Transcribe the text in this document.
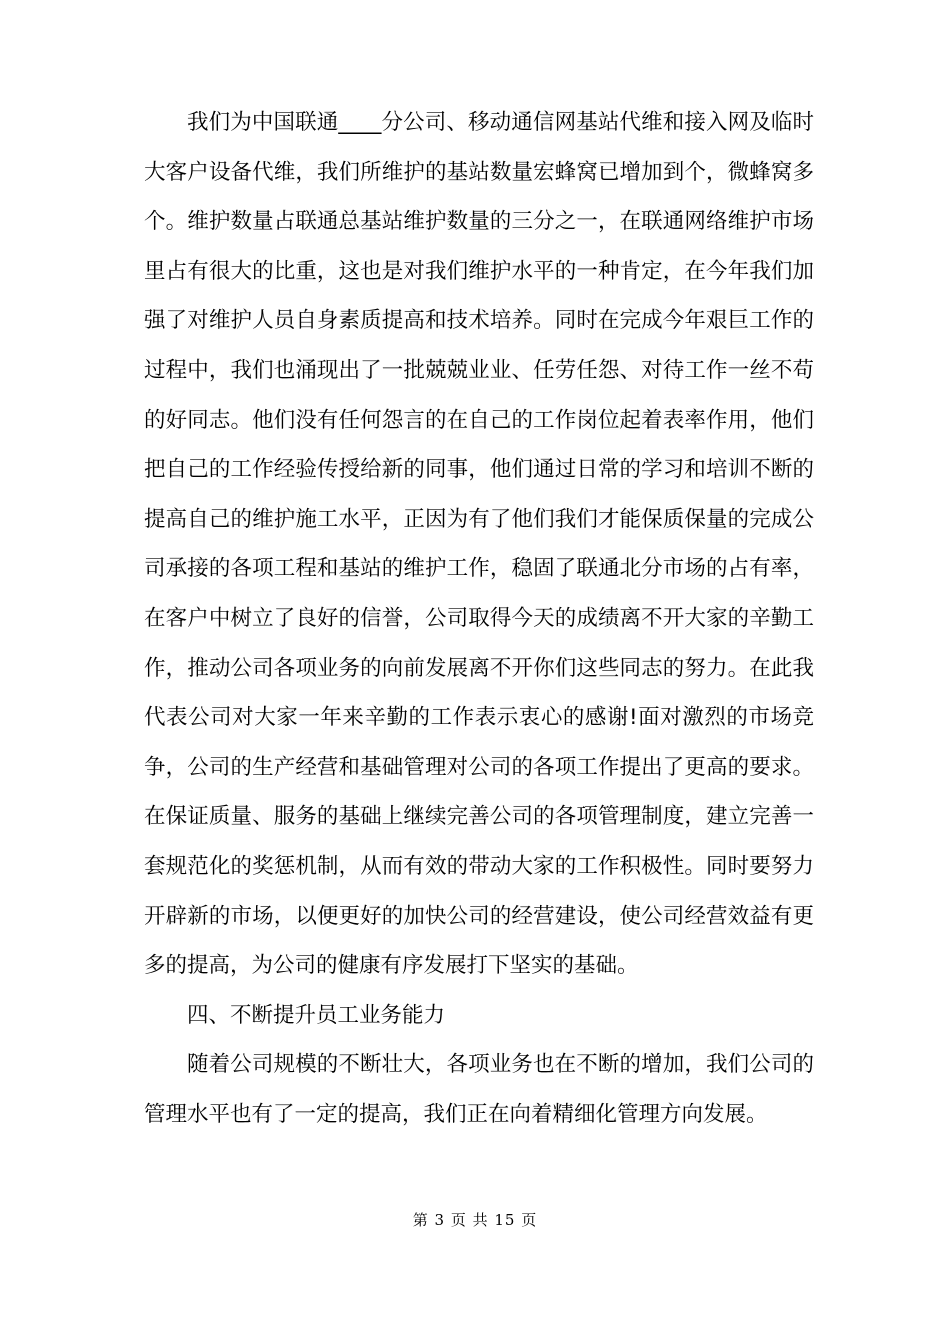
我们为中国联通____分公司、移动通信网基站代维和接入网及临时大客户设备代维，我们所维护的基站数量宏蜂窝已增加到个，微蜂窝多个。维护数量占联通总基站维护数量的三分之一，在联通网络维护市场里占有很大的比重，这也是对我们维护水平的一种肯定，在今年我们加强了对维护人员自身素质提高和技术培养。同时在完成今年艰巨工作的过程中，我们也涌现出了一批兢兢业业、任劳任怨、对待工作一丝不苟的好同志。他们没有任何怨言的在自己的工作岗位起着表率作用，他们把自己的工作经验传授给新的同事，他们通过日常的学习和培训不断的提高自己的维护施工水平，正因为有了他们我们才能保质保量的完成公司承接的各项工程和基站的维护工作，稳固了联通北分市场的占有率，在客户中树立了良好的信誉，公司取得今天的成绩离不开大家的辛勤工作，推动公司各项业务的向前发展离不开你们这些同志的努力。在此我代表公司对大家一年来辛勤的工作表示衷心的感谢!面对激烈的市场竞争，公司的生产经营和基础管理对公司的各项工作提出了更高的要求。在保证质量、服务的基础上继续完善公司的各项管理制度，建立完善一套规范化的奖惩机制，从而有效的带动大家的工作积极性。同时要努力开辟新的市场，以便更好的加快公司的经营建设，使公司经营效益有更多的提高，为公司的健康有序发展打下坚实的基础。

四、不断提升员工业务能力

随着公司规模的不断壮大，各项业务也在不断的增加，我们公司的管理水平也有了一定的提高，我们正在向着精细化管理方向发展。

第 3 页 共 15 页
